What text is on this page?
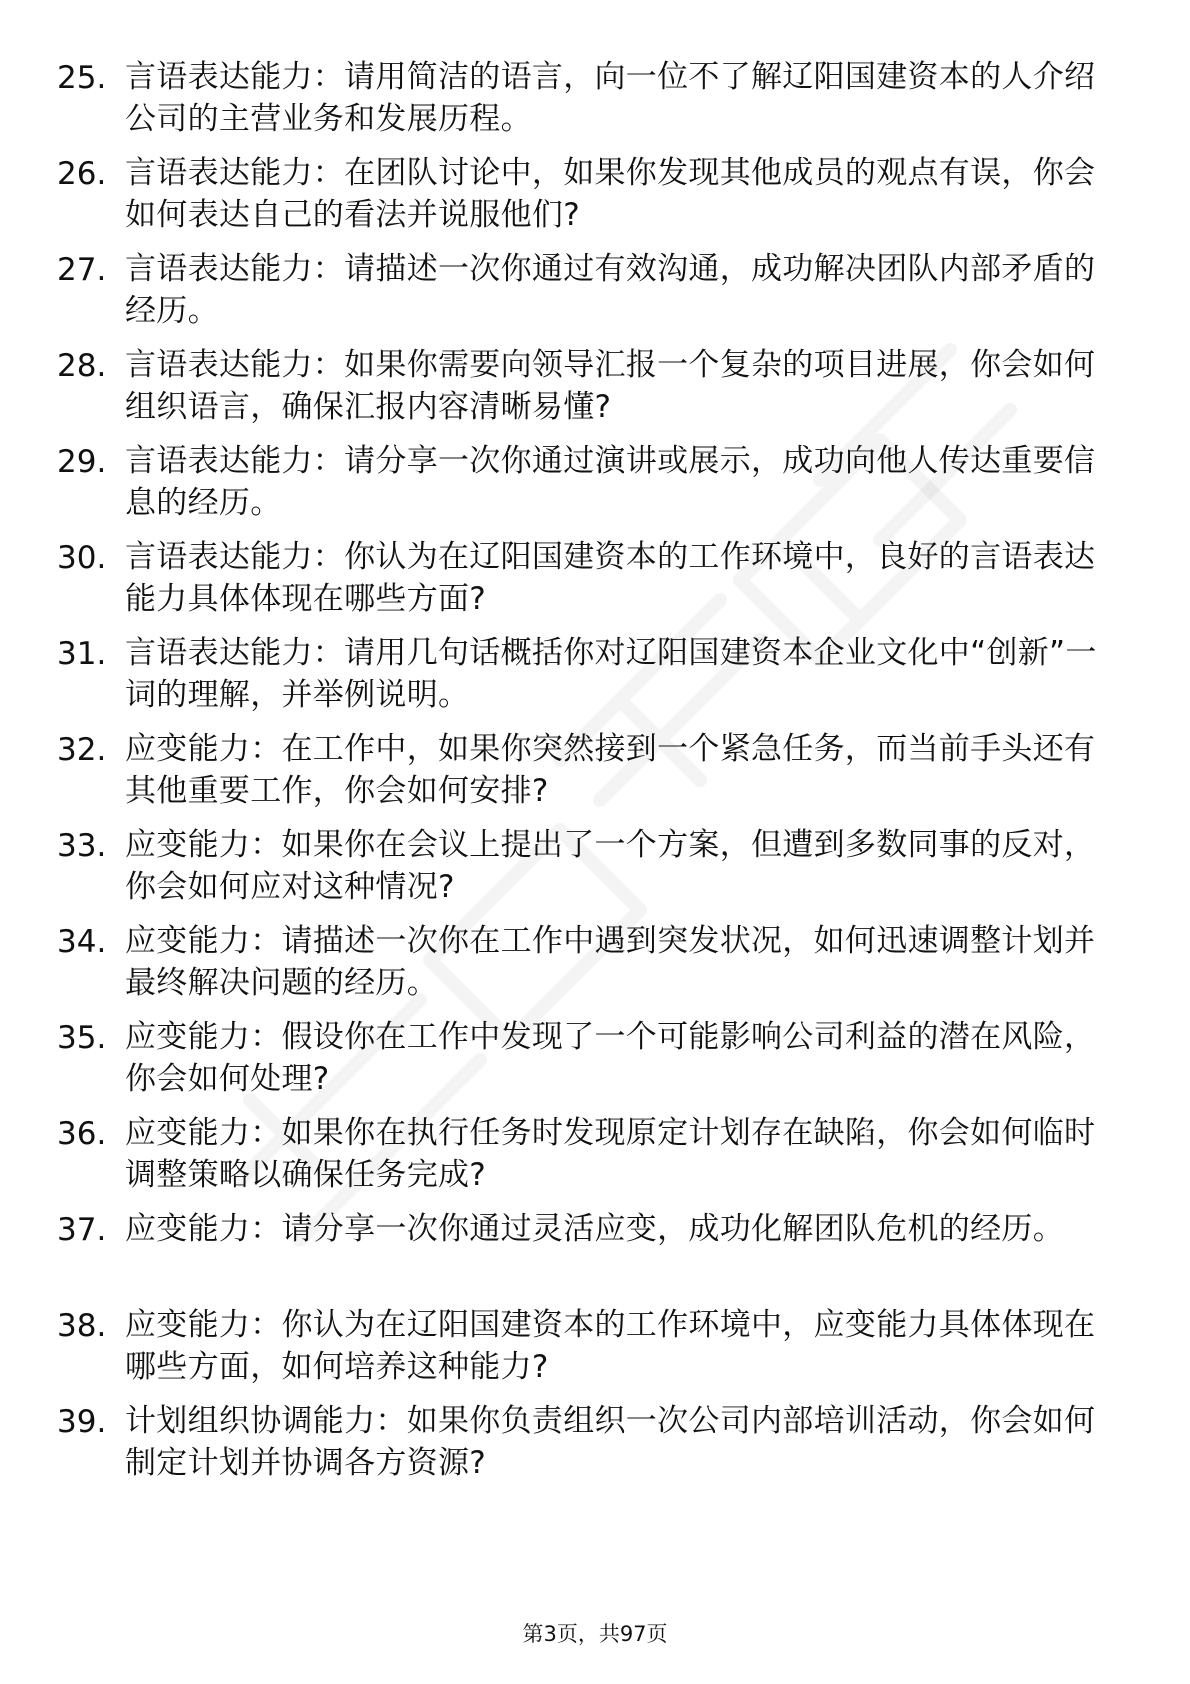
25. 言语表达能力：请用简洁的语言，向一位不了解辽阳国建资本的人介绍公司的主营业务和发展历程。
26. 言语表达能力：在团队讨论中，如果你发现其他成员的观点有误，你会如何表达自己的看法并说服他们?
27. 言语表达能力：请描述一次你通过有效沟通，成功解决团队内部矛盾的经历。
28. 言语表达能力：如果你需要向领导汇报一个复杂的项目进展，你会如何组织语言，确保汇报内容清晰易懂?
29. 言语表达能力：请分享一次你通过演讲或展示，成功向他人传达重要信息的经历。
30. 言语表达能力：你认为在辽阳国建资本的工作环境中，良好的言语表达能力具体体现在哪些方面?
31. 言语表达能力：请用几句话概括你对辽阳国建资本企业文化中“创新”一词的理解，并举例说明。
32. 应变能力：在工作中，如果你突然接到一个紧急任务，而当前手头还有其他重要工作，你会如何安排?
33. 应变能力：如果你在会议上提出了一个方案，但遭到多数同事的反对，你会如何应对这种情况?
34. 应变能力：请描述一次你在工作中遇到突发状况，如何迅速调整计划并最终解决问题的经历。
35. 应变能力：假设你在工作中发现了一个可能影响公司利益的潜在风险，你会如何处理?
36. 应变能力：如果你在执行任务时发现原定计划存在缺陷，你会如何临时调整策略以确保任务完成?
37. 应变能力：请分享一次你通过灵活应变，成功化解团队危机的经历。
38. 应变能力：你认为在辽阳国建资本的工作环境中，应变能力具体体现在哪些方面，如何培养这种能力?
39. 计划组织协调能力：如果你负责组织一次公司内部培训活动，你会如何制定计划并协调各方资源?
第3页，共97页
